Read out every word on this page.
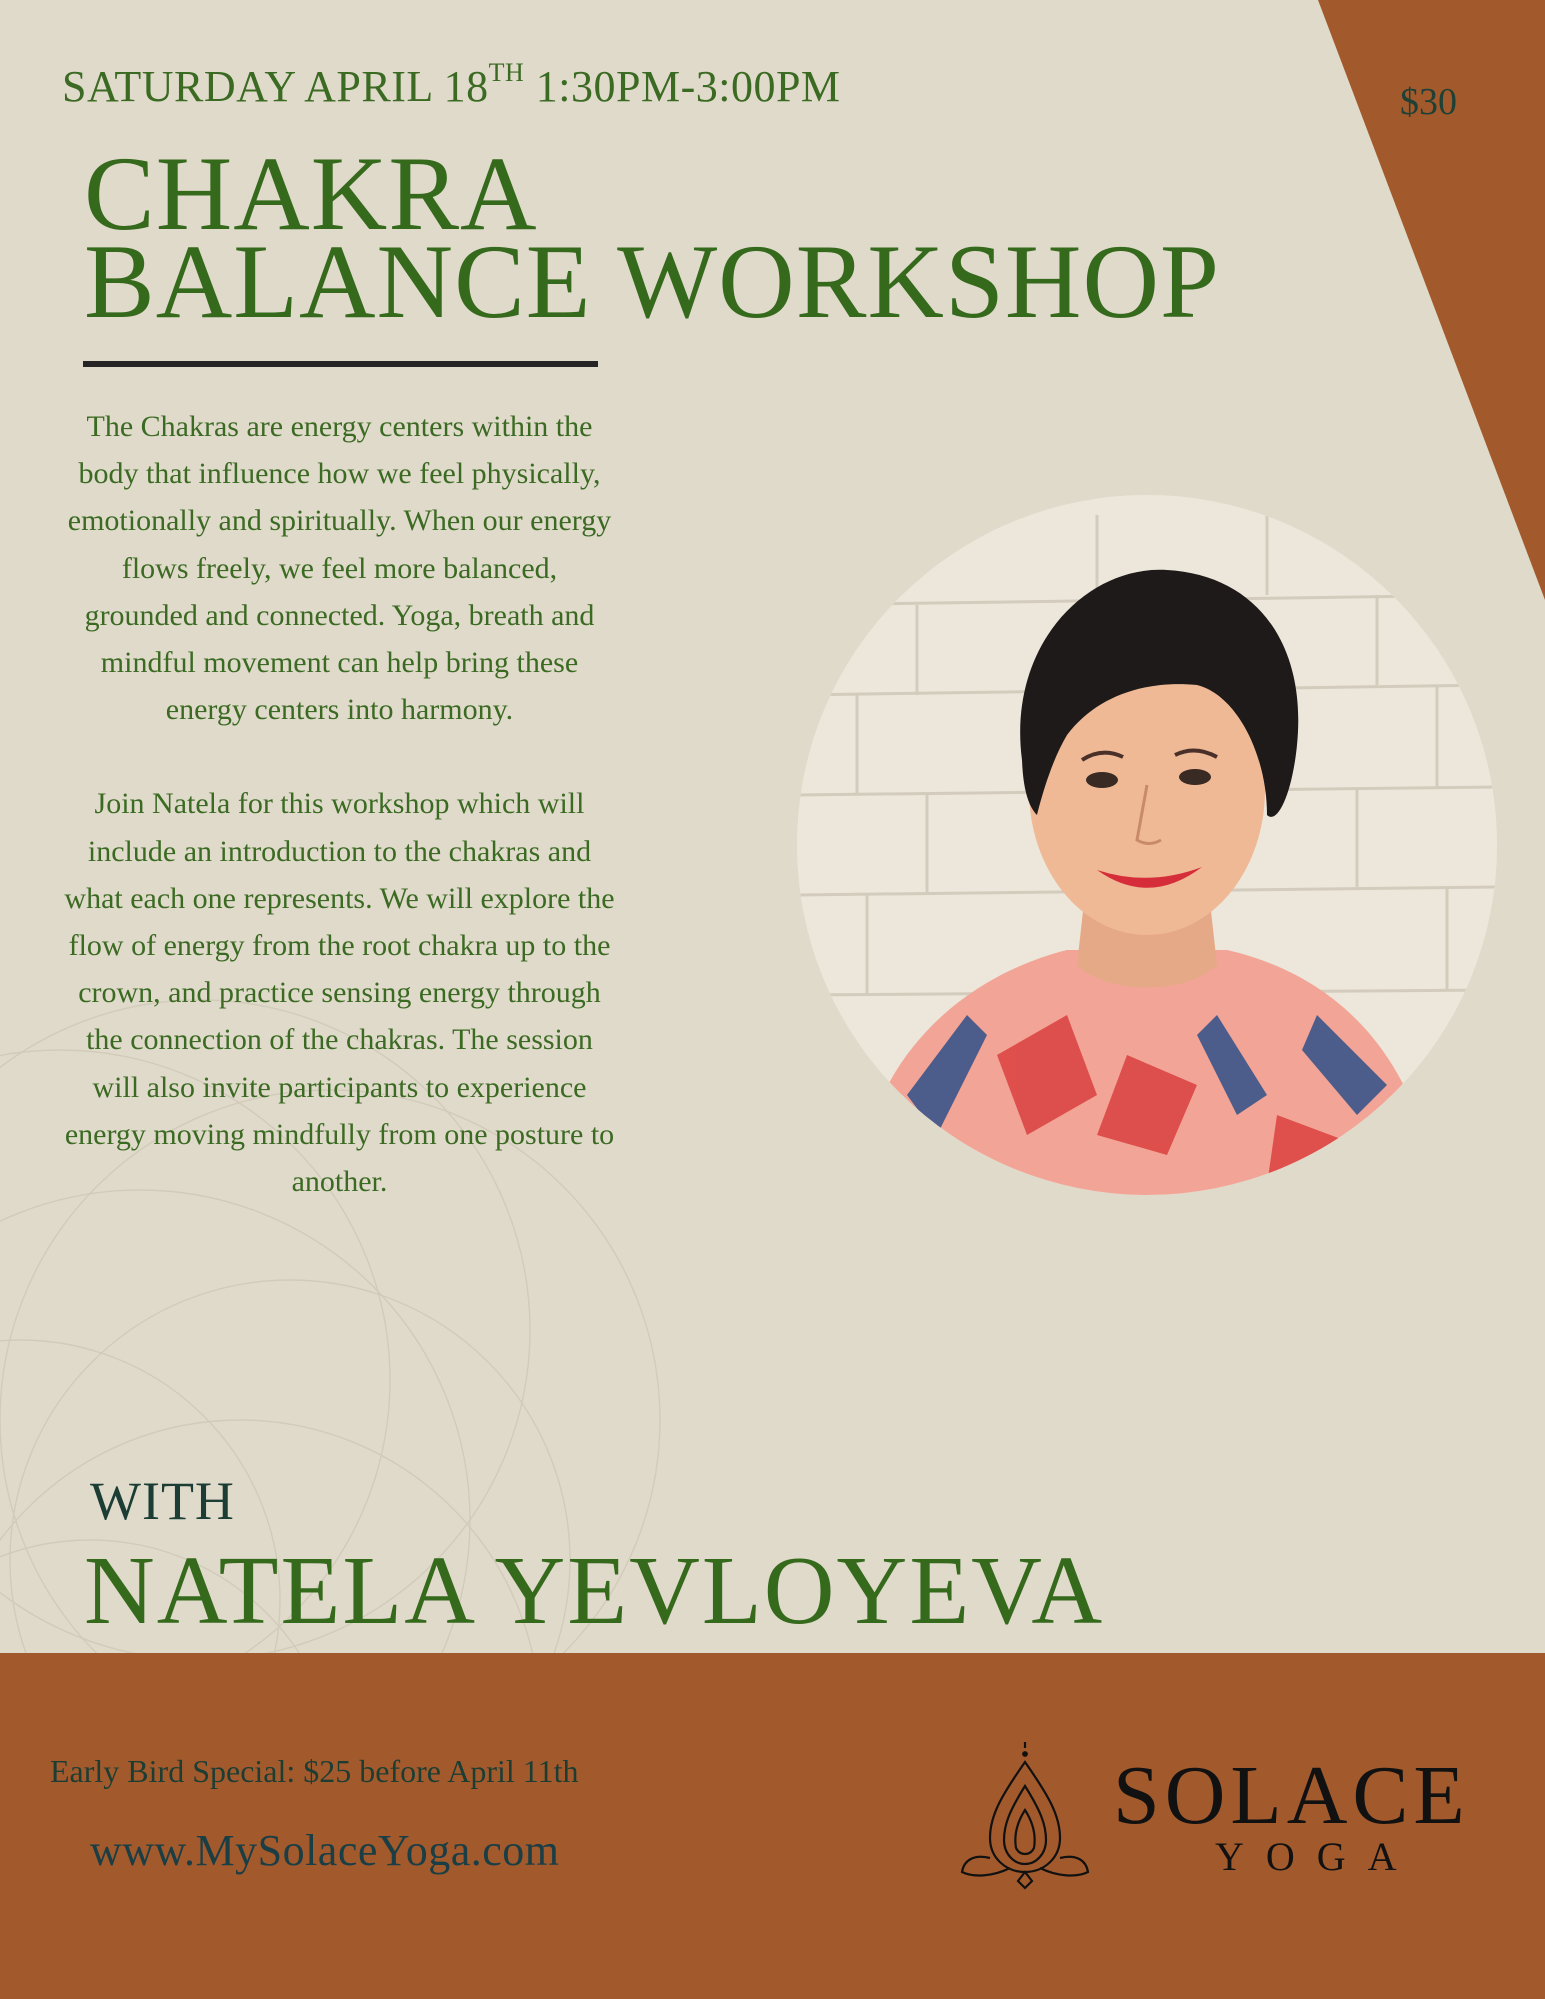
$30
SATURDAY APRIL 18TH 1:30PM-3:00PM
CHAKRA
BALANCE WORKSHOP

The Chakras are energy centers within the body that influence how we feel physically, emotionally and spiritually. When our energy flows freely, we feel more balanced, grounded and connected. Yoga, breath and mindful movement can help bring these energy centers into harmony.

Join Natela for this workshop which will include an introduction to the chakras and what each one represents. We will explore the flow of energy from the root chakra up to the crown, and practice sensing energy through the connection of the chakras. The session will also invite participants to experience energy moving mindfully from one posture to another.

WITH
NATELA YEVLOYEVA
Early Bird Special: $25 before April 11th
www.MySolaceYoga.com
SOLACE
YOGA
